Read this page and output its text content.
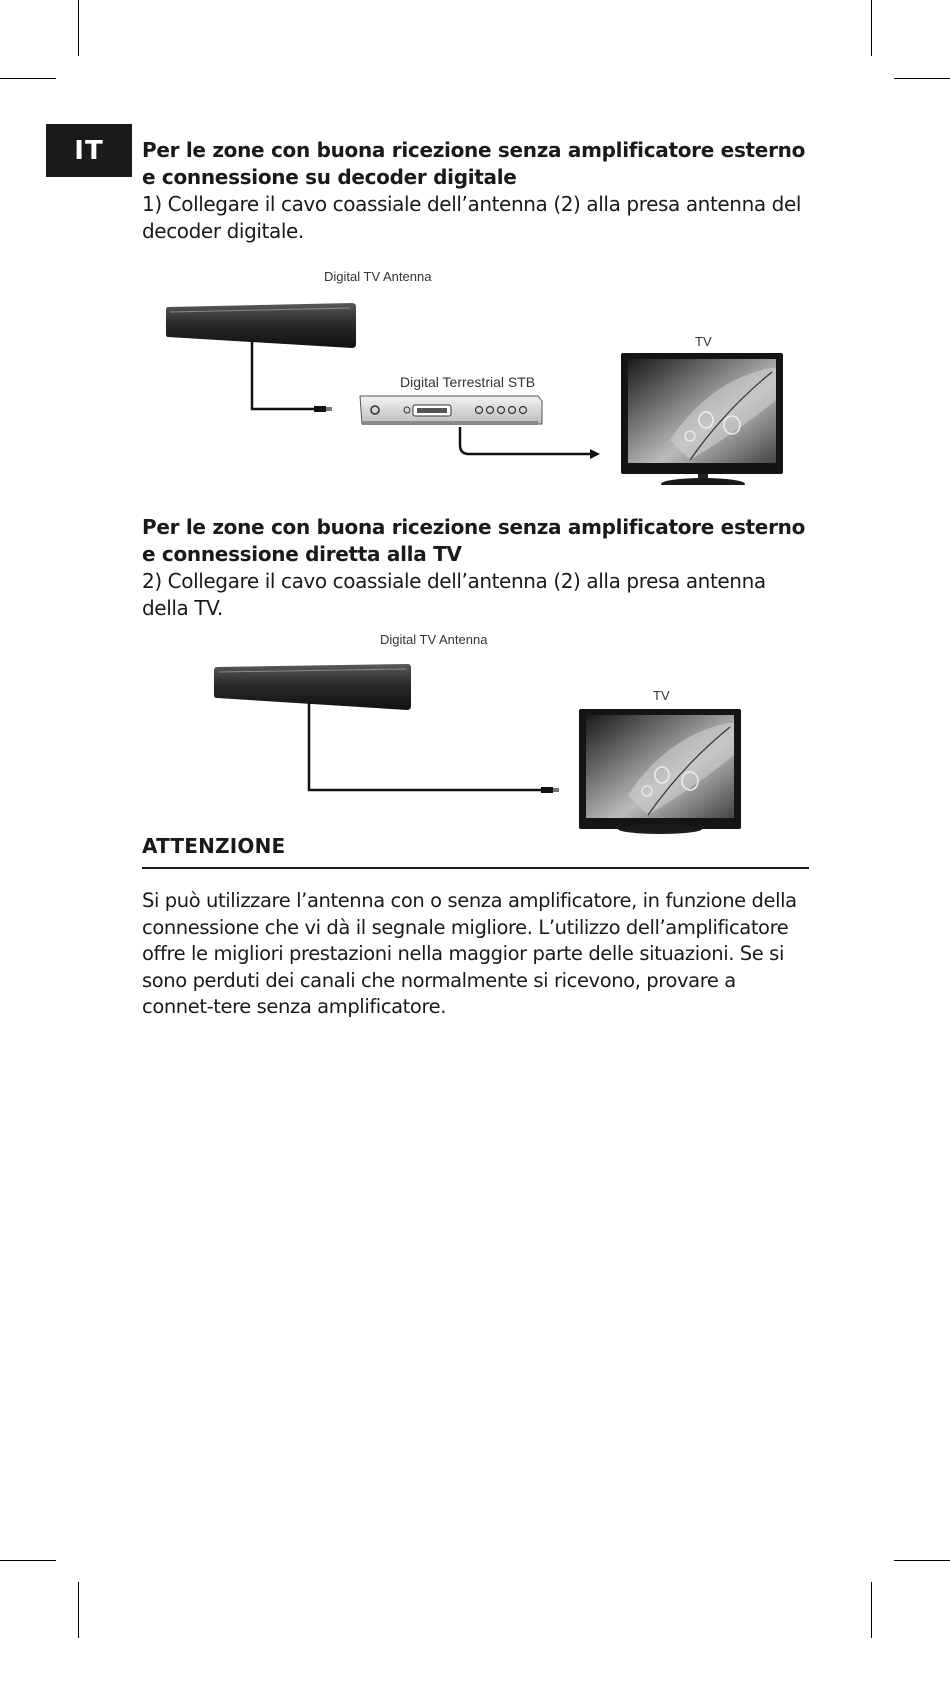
IT	Per le zone con buona ricezione senza amplificatore esterno e connessione su decoder digitale

1) Collegare il cavo coassiale dell’antenna (2) alla presa antenna del decoder digitale.

Digital TV Antenna
Digital Terrestrial STB
TV

Per le zone con buona ricezione senza amplificatore esterno e connessione diretta alla TV

2) Collegare il cavo coassiale dell’antenna (2) alla presa antenna della TV.

Digital TV Antenna
TV
ATTENZIONE
Si può utilizzare l’antenna con o senza amplificatore, in funzione della connessione che vi dà il segnale migliore. L’utilizzo dell’amplificatore offre le migliori prestazioni nella maggior parte delle situazioni. Se si sono perduti dei canali che normalmente si ricevono, provare a connet-tere senza amplificatore.
